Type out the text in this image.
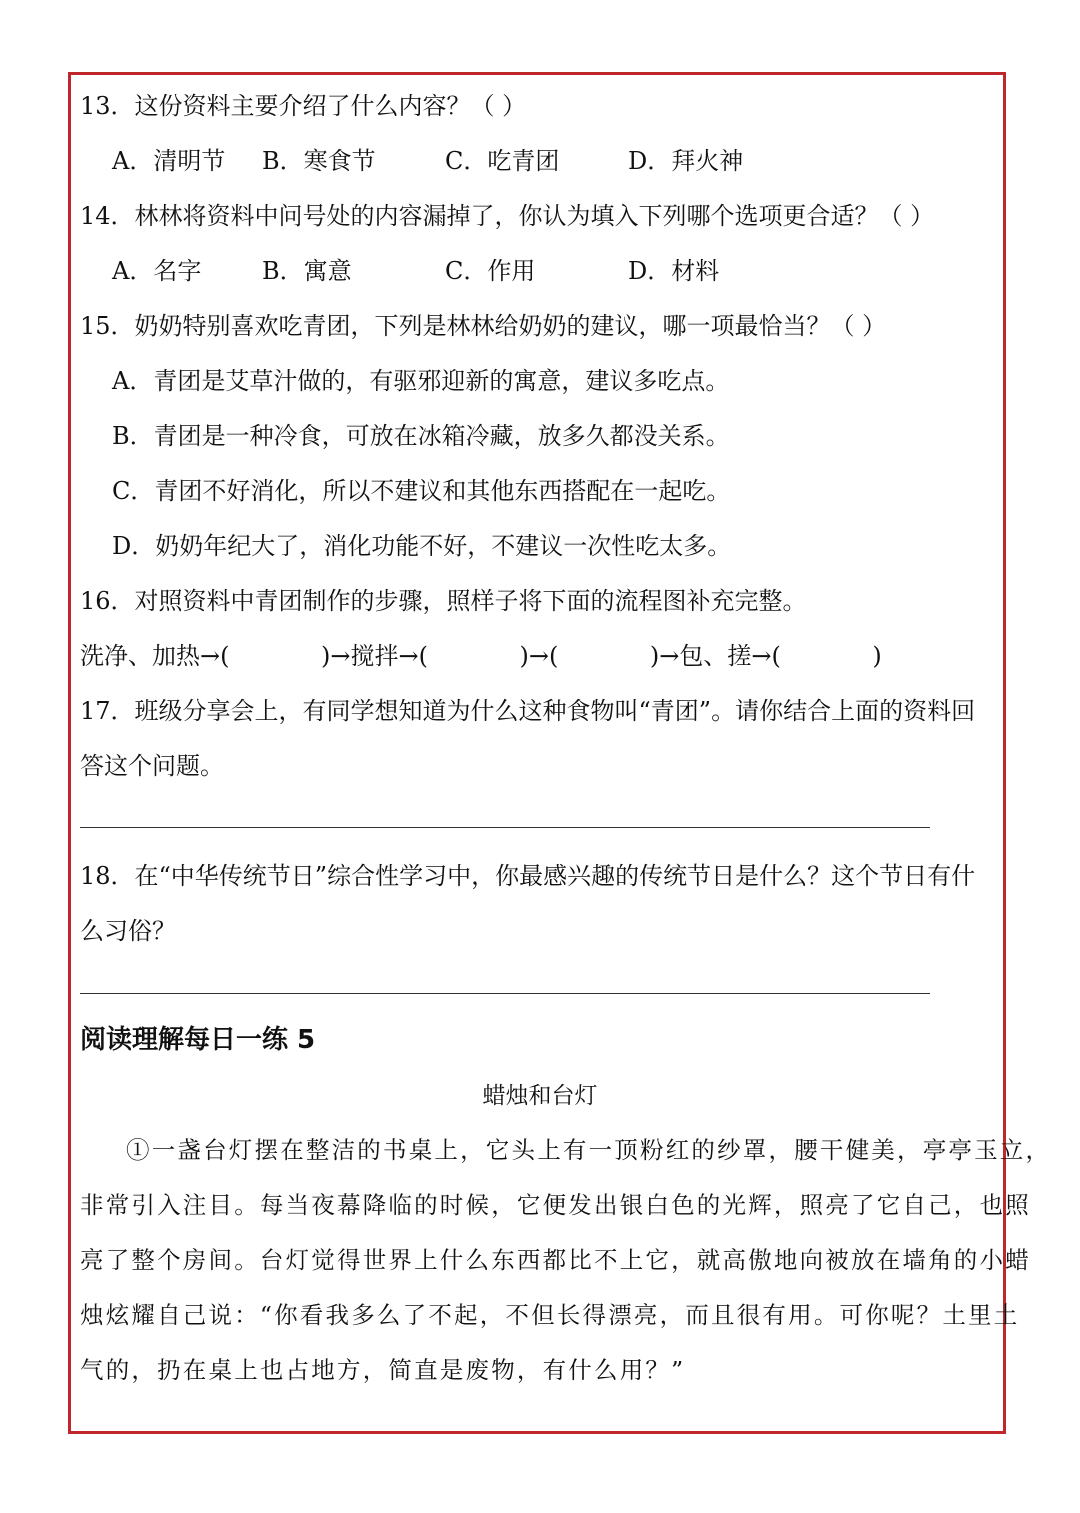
13．这份资料主要介绍了什么内容？（ ）
A．清明节 B．寒食节	C．吃青团	D．拜火神
14．林林将资料中问号处的内容漏掉了，你认为填入下列哪个选项更合适？（ ）
A．名字	B．寓意	C．作用	D．材料
15．奶奶特别喜欢吃青团，下列是林林给奶奶的建议，哪一项最恰当？（ ）
A．青团是艾草汁做的，有驱邪迎新的寓意，建议多吃点。
B．青团是一种冷食，可放在冰箱冷藏，放多久都没关系。
C．青团不好消化，所以不建议和其他东西搭配在一起吃。
D．奶奶年纪大了，消化功能不好，不建议一次性吃太多。
16．对照资料中青团制作的步骤，照样子将下面的流程图补充完整。
洗净、加热→(            )→搅拌→(            )→(            )→包、搓→(            )
17．班级分享会上，有同学想知道为什么这种食物叫“青团”。请你结合上面的资料回
答这个问题。
18．在“中华传统节日”综合性学习中，你最感兴趣的传统节日是什么？这个节日有什
么习俗？
阅读理解每日一练 5
蜡烛和台灯
①一盏台灯摆在整洁的书桌上，它头上有一顶粉红的纱罩，腰干健美，亭亭玉立，
非常引入注目。每当夜幕降临的时候，它便发出银白色的光辉，照亮了它自己，也照
亮了整个房间。台灯觉得世界上什么东西都比不上它，就高傲地向被放在墙角的小蜡
烛炫耀自己说：“你看我多么了不起，不但长得漂亮，而且很有用。可你呢？土里土
气的，扔在桌上也占地方，简直是废物，有什么用？”
